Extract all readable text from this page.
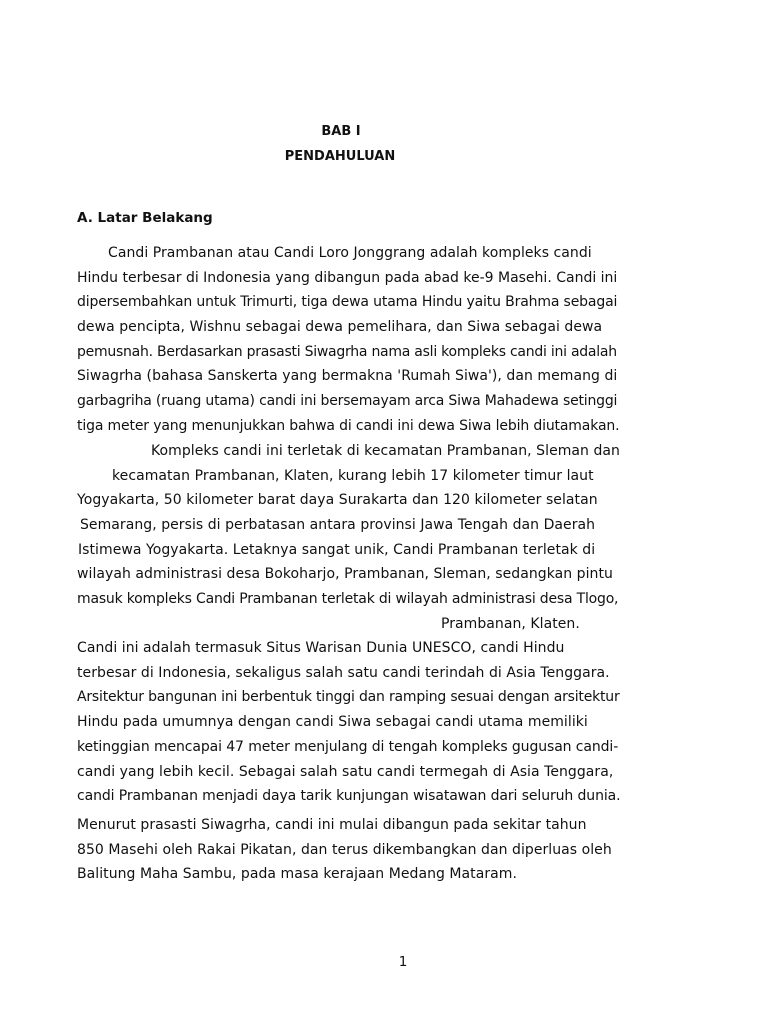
BAB I
PENDAHULUAN
A. Latar Belakang
Candi Prambanan atau Candi Loro Jonggrang adalah kompleks candi
Hindu terbesar di Indonesia yang dibangun pada abad ke-9 Masehi. Candi ini
dipersembahkan untuk Trimurti, tiga dewa utama Hindu yaitu Brahma sebagai
dewa pencipta, Wishnu sebagai dewa pemelihara, dan Siwa sebagai dewa
pemusnah. Berdasarkan prasasti Siwagrha nama asli kompleks candi ini adalah
Siwagrha (bahasa Sanskerta yang bermakna 'Rumah Siwa'), dan memang di
garbagriha (ruang utama) candi ini bersemayam arca Siwa Mahadewa setinggi
tiga meter yang menunjukkan bahwa di candi ini dewa Siwa lebih diutamakan.
Kompleks candi ini terletak di kecamatan Prambanan, Sleman dan
kecamatan Prambanan, Klaten, kurang lebih 17 kilometer timur laut
Yogyakarta, 50 kilometer barat daya Surakarta dan 120 kilometer selatan
Semarang, persis di perbatasan antara provinsi Jawa Tengah dan Daerah
Istimewa Yogyakarta. Letaknya sangat unik, Candi Prambanan terletak di
wilayah administrasi desa Bokoharjo, Prambanan, Sleman, sedangkan pintu
masuk kompleks Candi Prambanan terletak di wilayah administrasi desa Tlogo,
Prambanan, Klaten.
Candi ini adalah termasuk Situs Warisan Dunia UNESCO, candi Hindu
terbesar di Indonesia, sekaligus salah satu candi terindah di Asia Tenggara.
Arsitektur bangunan ini berbentuk tinggi dan ramping sesuai dengan arsitektur
Hindu pada umumnya dengan candi Siwa sebagai candi utama memiliki
ketinggian mencapai 47 meter menjulang di tengah kompleks gugusan candi-
candi yang lebih kecil. Sebagai salah satu candi termegah di Asia Tenggara,
candi Prambanan menjadi daya tarik kunjungan wisatawan dari seluruh dunia.
Menurut prasasti Siwagrha, candi ini mulai dibangun pada sekitar tahun
850 Masehi oleh Rakai Pikatan, dan terus dikembangkan dan diperluas oleh
Balitung Maha Sambu, pada masa kerajaan Medang Mataram.
1
